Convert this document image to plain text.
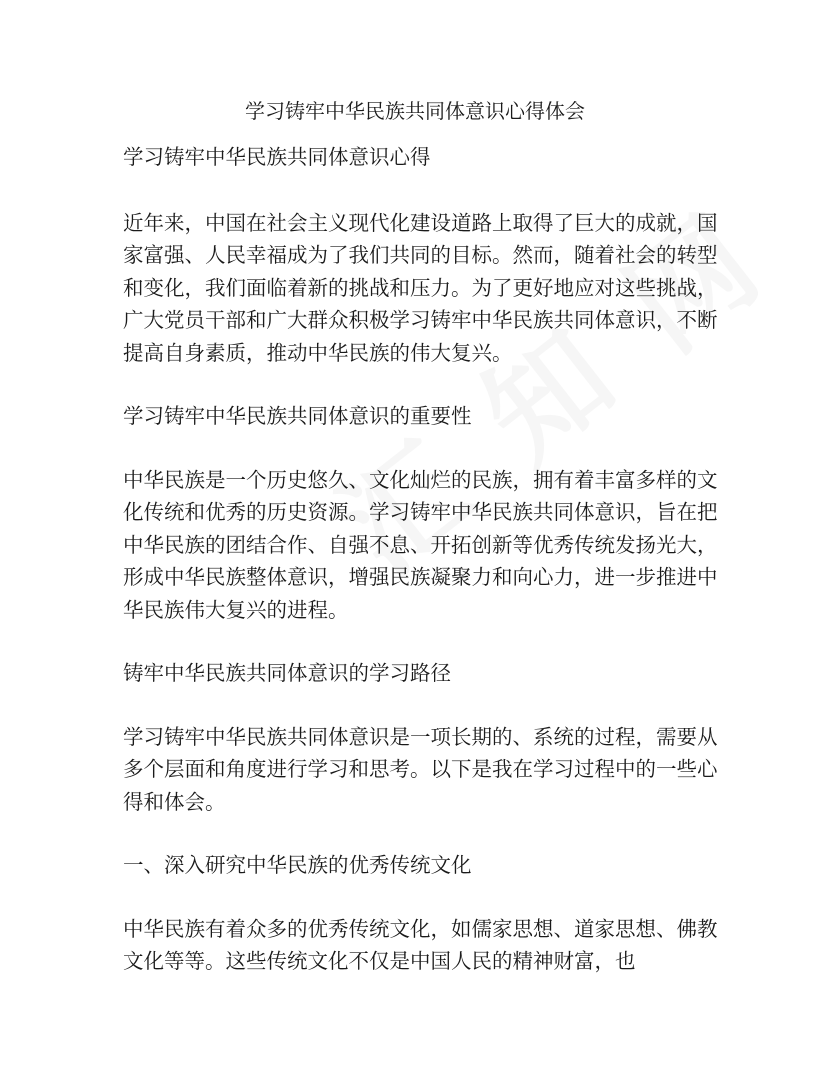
学习铸牢中华民族共同体意识心得体会

学习铸牢中华民族共同体意识心得

近年来，中国在社会主义现代化建设道路上取得了巨大的成就，国家富强、人民幸福成为了我们共同的目标。然而，随着社会的转型和变化，我们面临着新的挑战和压力。为了更好地应对这些挑战，广大党员干部和广大群众积极学习铸牢中华民族共同体意识，不断提高自身素质，推动中华民族的伟大复兴。

学习铸牢中华民族共同体意识的重要性

中华民族是一个历史悠久、文化灿烂的民族，拥有着丰富多样的文化传统和优秀的历史资源。学习铸牢中华民族共同体意识，旨在把中华民族的团结合作、自强不息、开拓创新等优秀传统发扬光大，形成中华民族整体意识，增强民族凝聚力和向心力，进一步推进中华民族伟大复兴的进程。

铸牢中华民族共同体意识的学习路径

学习铸牢中华民族共同体意识是一项长期的、系统的过程，需要从多个层面和角度进行学习和思考。以下是我在学习过程中的一些心得和体会。

一、深入研究中华民族的优秀传统文化

中华民族有着众多的优秀传统文化，如儒家思想、道家思想、佛教文化等等。这些传统文化不仅是中国人民的精神财富，也
